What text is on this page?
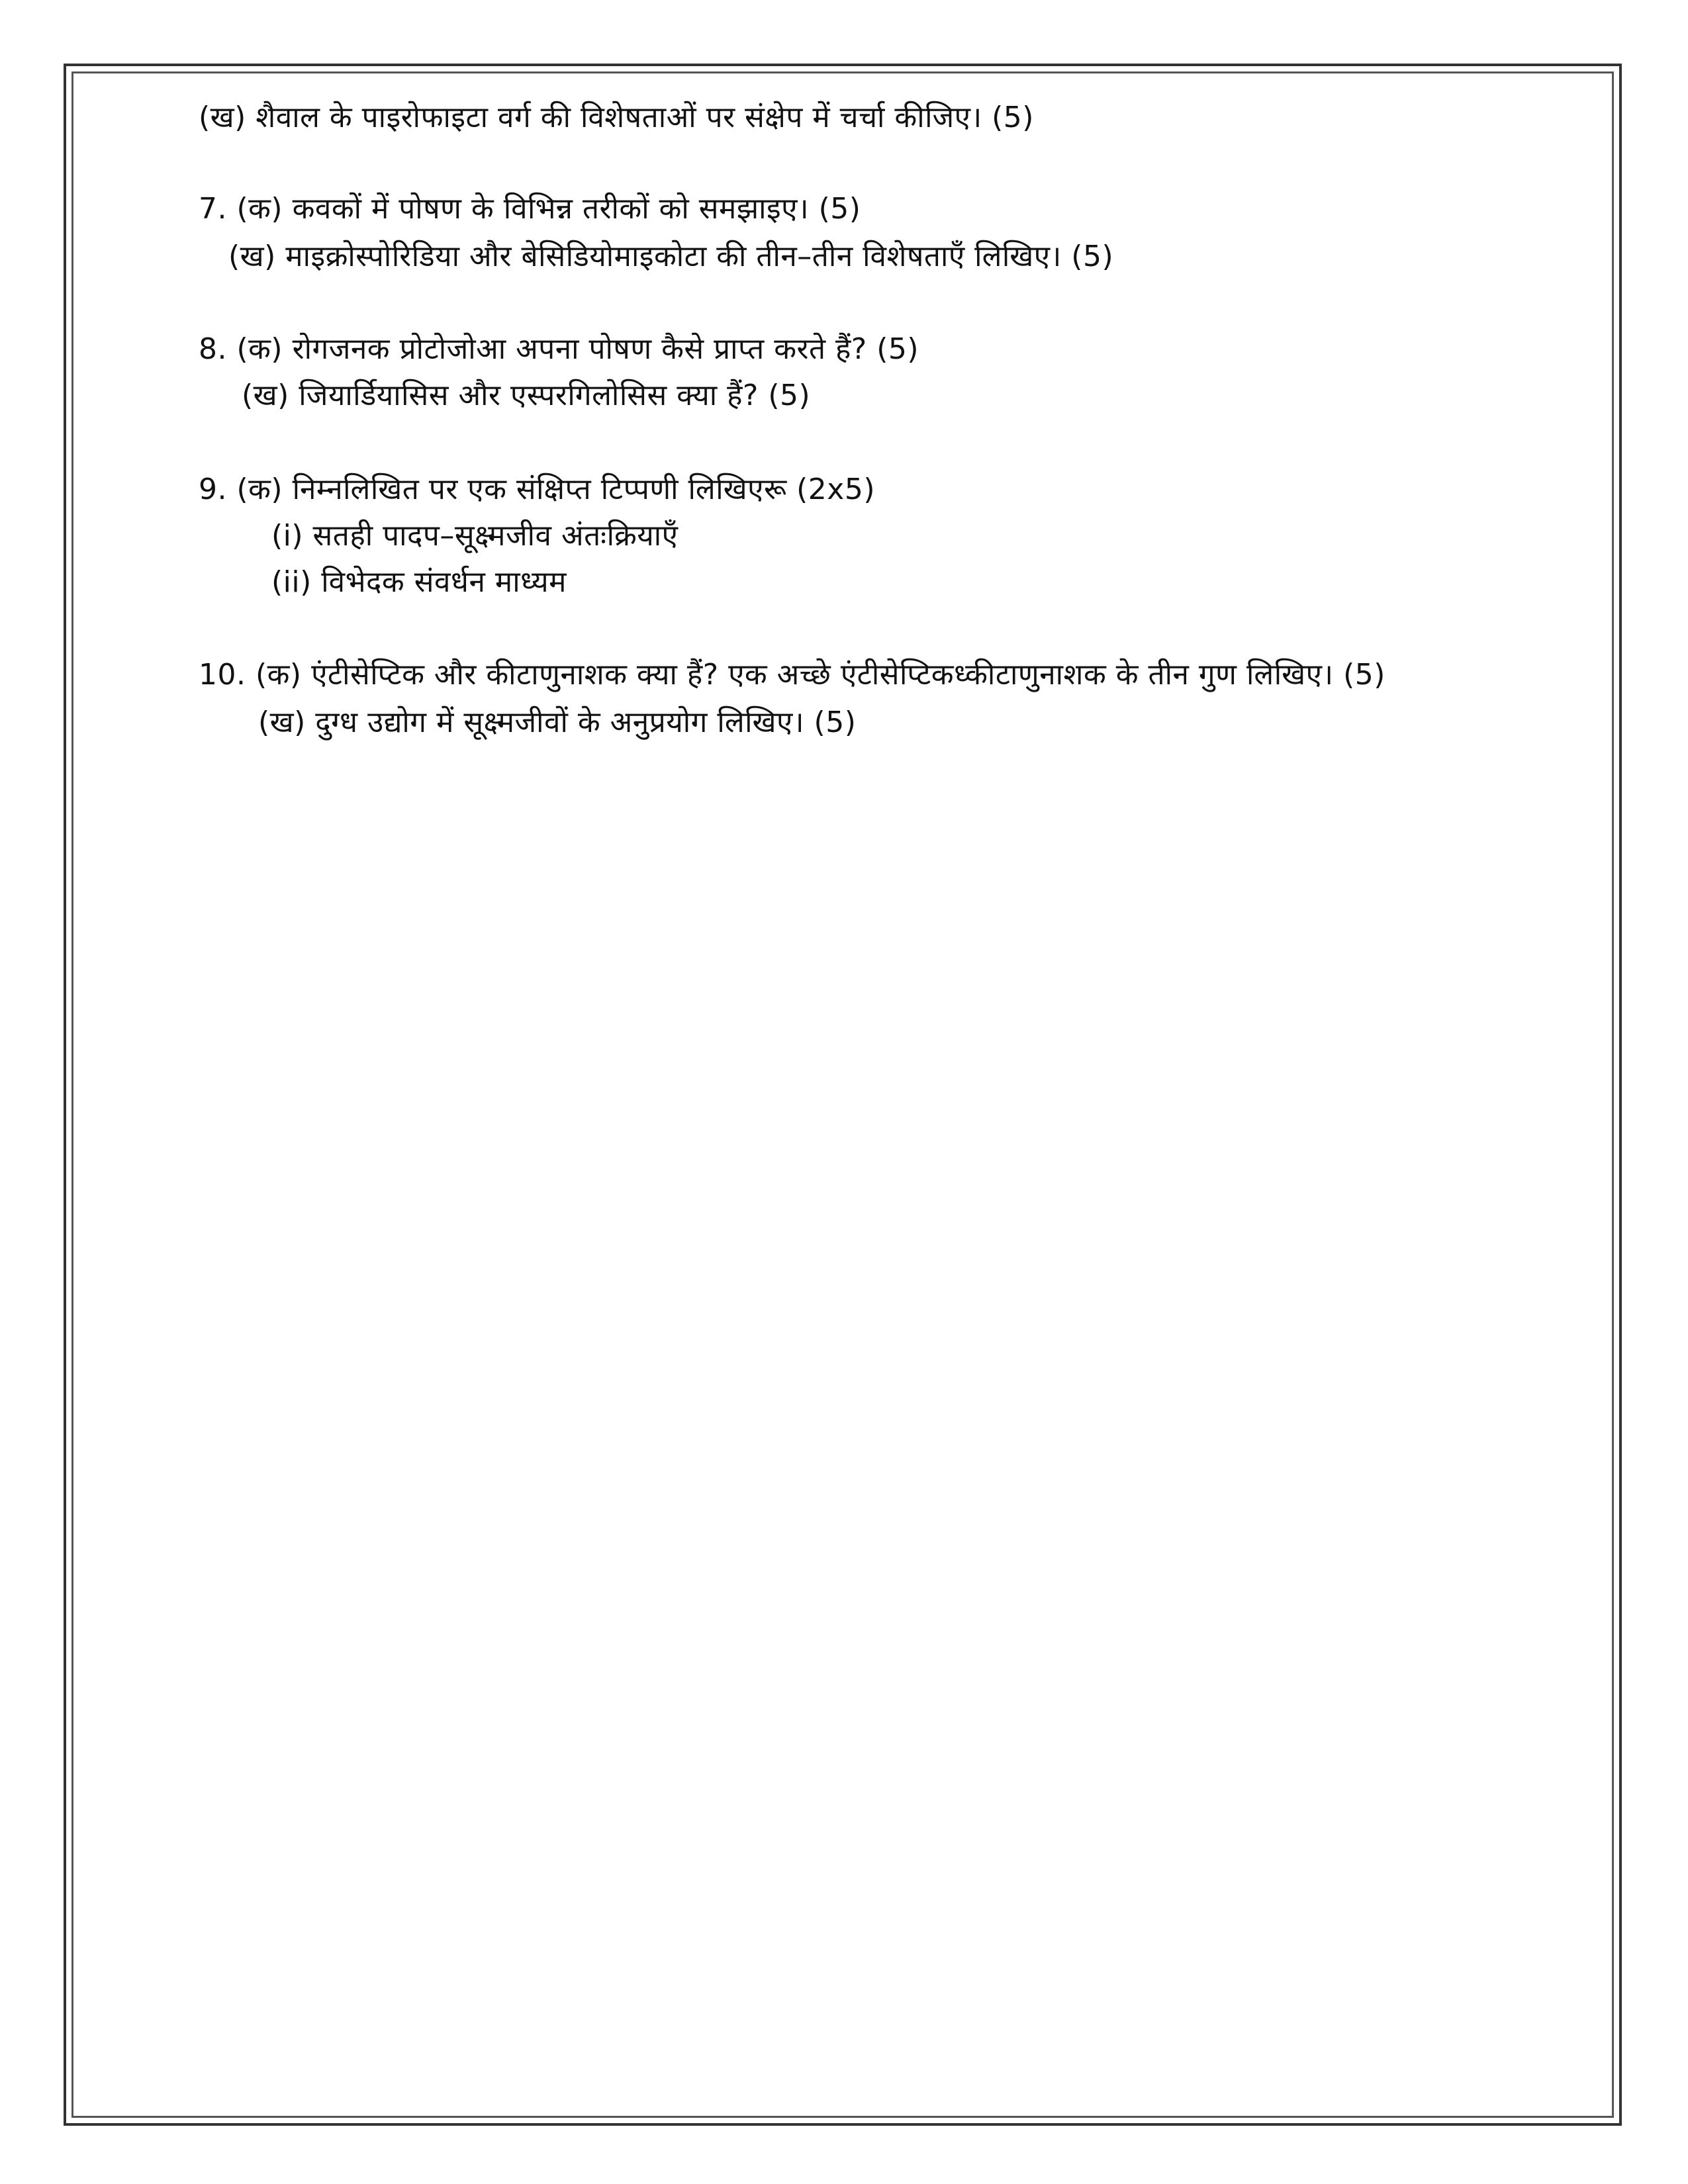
(ख) शैवाल के पाइरोफाइटा वर्ग की विशेषताओं पर संक्षेप में चर्चा कीजिए। (5)
7. (क) कवकों में पोषण के विभिन्न तरीकों को समझाइए। (5)
(ख) माइक्रोस्पोरिडिया और बेसिडियोमाइकोटा की तीन–तीन विशेषताएँ लिखिए। (5)
8. (क) रोगजनक प्रोटोजोआ अपना पोषण कैसे प्राप्त करते हैं? (5)
(ख) जियार्डियासिस और एस्परगिलोसिस क्या हैं? (5)
9. (क) निम्नलिखित पर एक संक्षिप्त टिप्पणी लिखिएरू (2x5)
(i) सतही पादप–सूक्ष्मजीव अंतःक्रियाएँ
(ii) विभेदक संवर्धन माध्यम
10. (क) एंटीसेप्टिक और कीटाणुनाशक क्या हैं? एक अच्छे एंटीसेप्टिकध्कीटाणुनाशक के तीन गुण लिखिए। (5)
(ख) दुग्ध उद्योग में सूक्ष्मजीवों के अनुप्रयोग लिखिए। (5)
